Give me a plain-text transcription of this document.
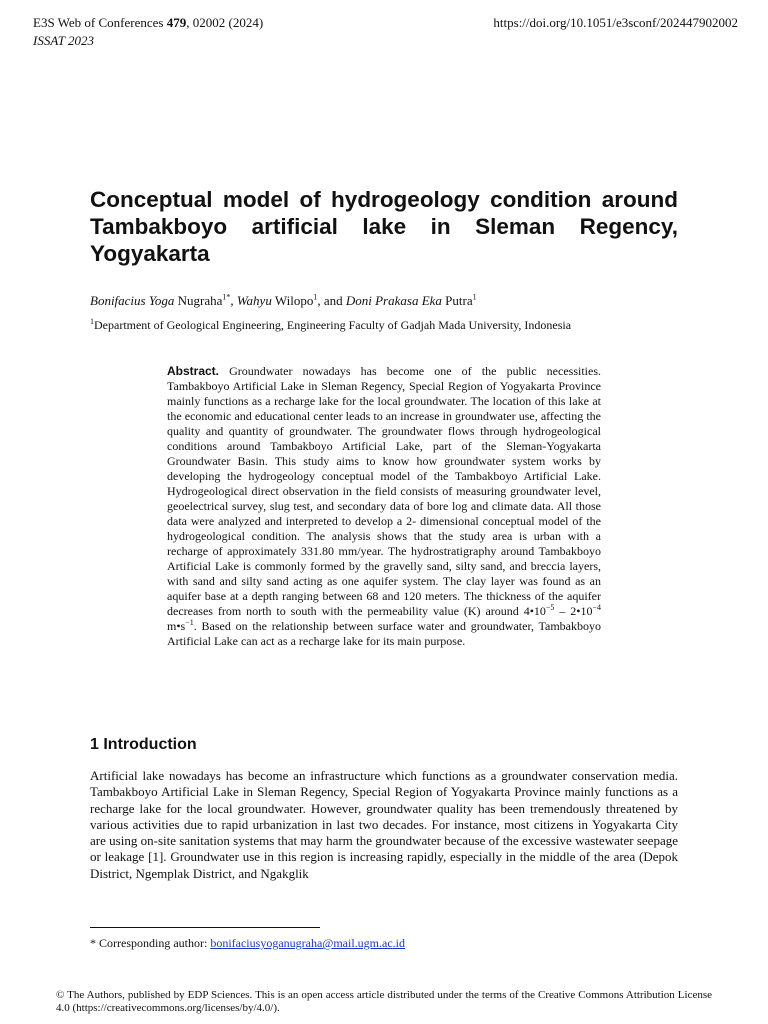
E3S Web of Conferences 479, 02002 (2024)
ISSAT 2023
https://doi.org/10.1051/e3sconf/202447902002
Conceptual model of hydrogeology condition around Tambakboyo artificial lake in Sleman Regency, Yogyakarta
Bonifacius Yoga Nugraha$^{1*}$, Wahyu Wilopo$^1$, and Doni Prakasa Eka Putra$^1$
$^1$Department of Geological Engineering, Engineering Faculty of Gadjah Mada University, Indonesia

Abstract. Groundwater nowadays has become one of the public necessities. Tambakboyo Artificial Lake in Sleman Regency, Special Region of Yogyakarta Province mainly functions as a recharge lake for the local groundwater. The location of this lake at the economic and educational center leads to an increase in groundwater use, affecting the quality and quantity of groundwater. The groundwater flows through hydrogeological conditions around Tambakboyo Artificial Lake, part of the Sleman-Yogyakarta Groundwater Basin. This study aims to know how groundwater system works by developing the hydrogeology conceptual model of the Tambakboyo Artificial Lake. Hydrogeological direct observation in the field consists of measuring groundwater level, geoelectrical survey, slug test, and secondary data of bore log and climate data. All those data were analyzed and interpreted to develop a 2- dimensional conceptual model of the hydrogeological condition. The analysis shows that the study area is urban with a recharge of approximately 331.80 mm/year. The hydrostratigraphy around Tambakboyo Artificial Lake is commonly formed by the gravelly sand, silty sand, and breccia layers, with sand and silty sand acting as one aquifer system. The clay layer was found as an aquifer base at a depth ranging between 68 and 120 meters. The thickness of the aquifer decreases from north to south with the permeability value (K) around $4•10^{-5}$ – $2•10^{-4}$ $m•s^{-1}$. Based on the relationship between surface water and groundwater, Tambakboyo Artificial Lake can act as a recharge lake for its main purpose.

1 Introduction

Artificial lake nowadays has become an infrastructure which functions as a groundwater conservation media. Tambakboyo Artificial Lake in Sleman Regency, Special Region of Yogyakarta Province mainly functions as a recharge lake for the local groundwater. However, groundwater quality has been tremendously threatened by various activities due to rapid urbanization in last two decades. For instance, most citizens in Yogyakarta City are using on-site sanitation systems that may harm the groundwater because of the excessive wastewater seepage or leakage [1]. Groundwater use in this region is increasing rapidly, especially in the middle of the area (Depok District, Ngemplak District, and Ngakglik

* Corresponding author: bonifaciusyoganugraha@mail.ugm.ac.id

© The Authors, published by EDP Sciences. This is an open access article distributed under the terms of the Creative Commons Attribution License 4.0 (https://creativecommons.org/licenses/by/4.0/).
